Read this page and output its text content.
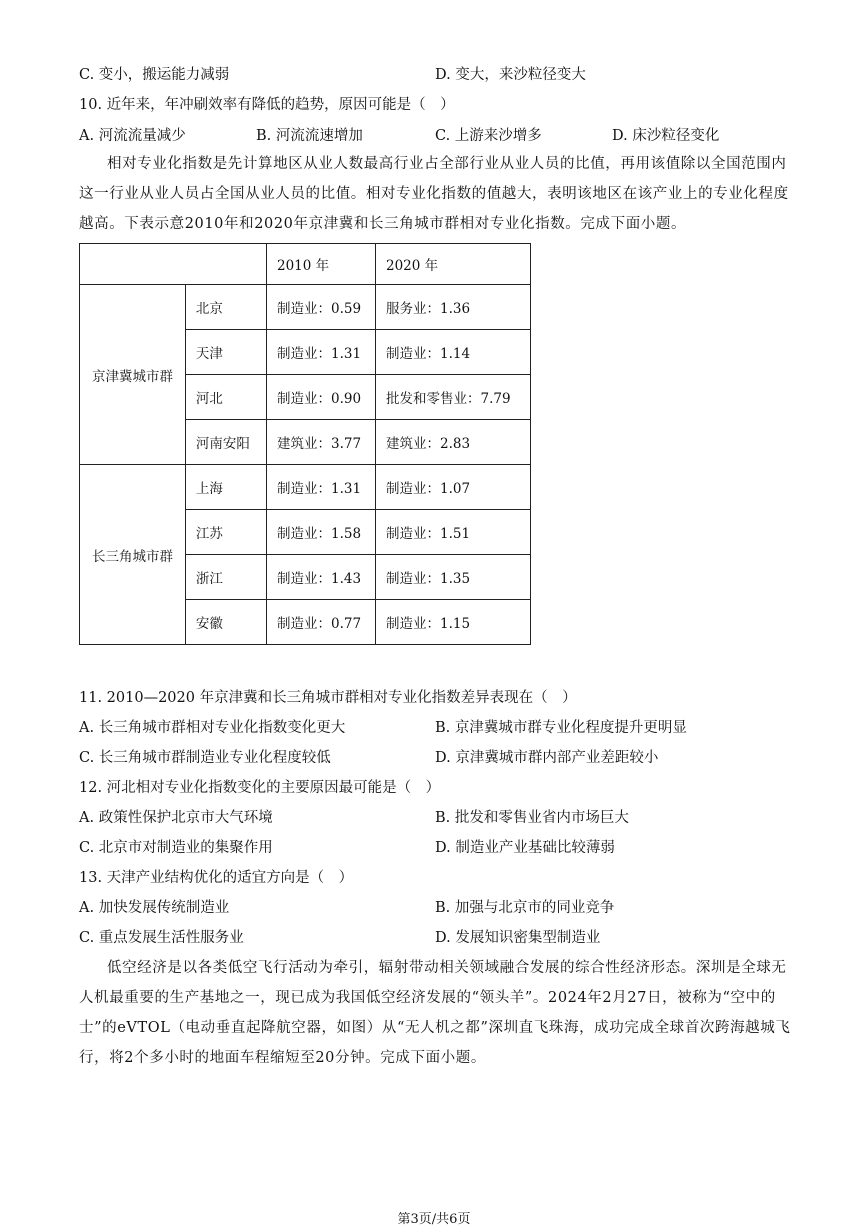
C. 变小，搬运能力减弱	D. 变大，来沙粒径变大
10. 近年来，年冲刷效率有降低的趋势，原因可能是（　）
A. 河流流量减少	B. 河流流速增加	C. 上游来沙增多	D. 床沙粒径变化
相对专业化指数是先计算地区从业人数最高行业占全部行业从业人员的比值，再用该值除以全国范围内这一行业从业人员占全国从业人员的比值。相对专业化指数的值越大，表明该地区在该产业上的专业化程度越高。下表示意2010年和2020年京津冀和长三角城市群相对专业化指数。完成下面小题。
		2010 年	2020 年
京津冀城市群	北京	制造业：0.59	服务业：1.36
	天津	制造业：1.31	制造业：1.14
	河北	制造业：0.90	批发和零售业：7.79
	河南安阳	建筑业：3.77	建筑业：2.83
长三角城市群	上海	制造业：1.31	制造业：1.07
	江苏	制造业：1.58	制造业：1.51
	浙江	制造业：1.43	制造业：1.35
	安徽	制造业：0.77	制造业：1.15
11. 2010—2020 年京津冀和长三角城市群相对专业化指数差异表现在（　）
A. 长三角城市群相对专业化指数变化更大	B. 京津冀城市群专业化程度提升更明显
C. 长三角城市群制造业专业化程度较低	D. 京津冀城市群内部产业差距较小
12. 河北相对专业化指数变化的主要原因最可能是（　）
A. 政策性保护北京市大气环境	B. 批发和零售业省内市场巨大
C. 北京市对制造业的集聚作用	D. 制造业产业基础比较薄弱
13. 天津产业结构优化的适宜方向是（　）
A. 加快发展传统制造业	B. 加强与北京市的同业竞争
C. 重点发展生活性服务业	D. 发展知识密集型制造业
低空经济是以各类低空飞行活动为牵引，辐射带动相关领域融合发展的综合性经济形态。深圳是全球无人机最重要的生产基地之一，现已成为我国低空经济发展的“领头羊”。2024年2月27日，被称为“空中的士”的eVTOL（电动垂直起降航空器，如图）从“无人机之都”深圳直飞珠海，成功完成全球首次跨海越城飞行，将2个多小时的地面车程缩短至20分钟。完成下面小题。
第3页/共6页
